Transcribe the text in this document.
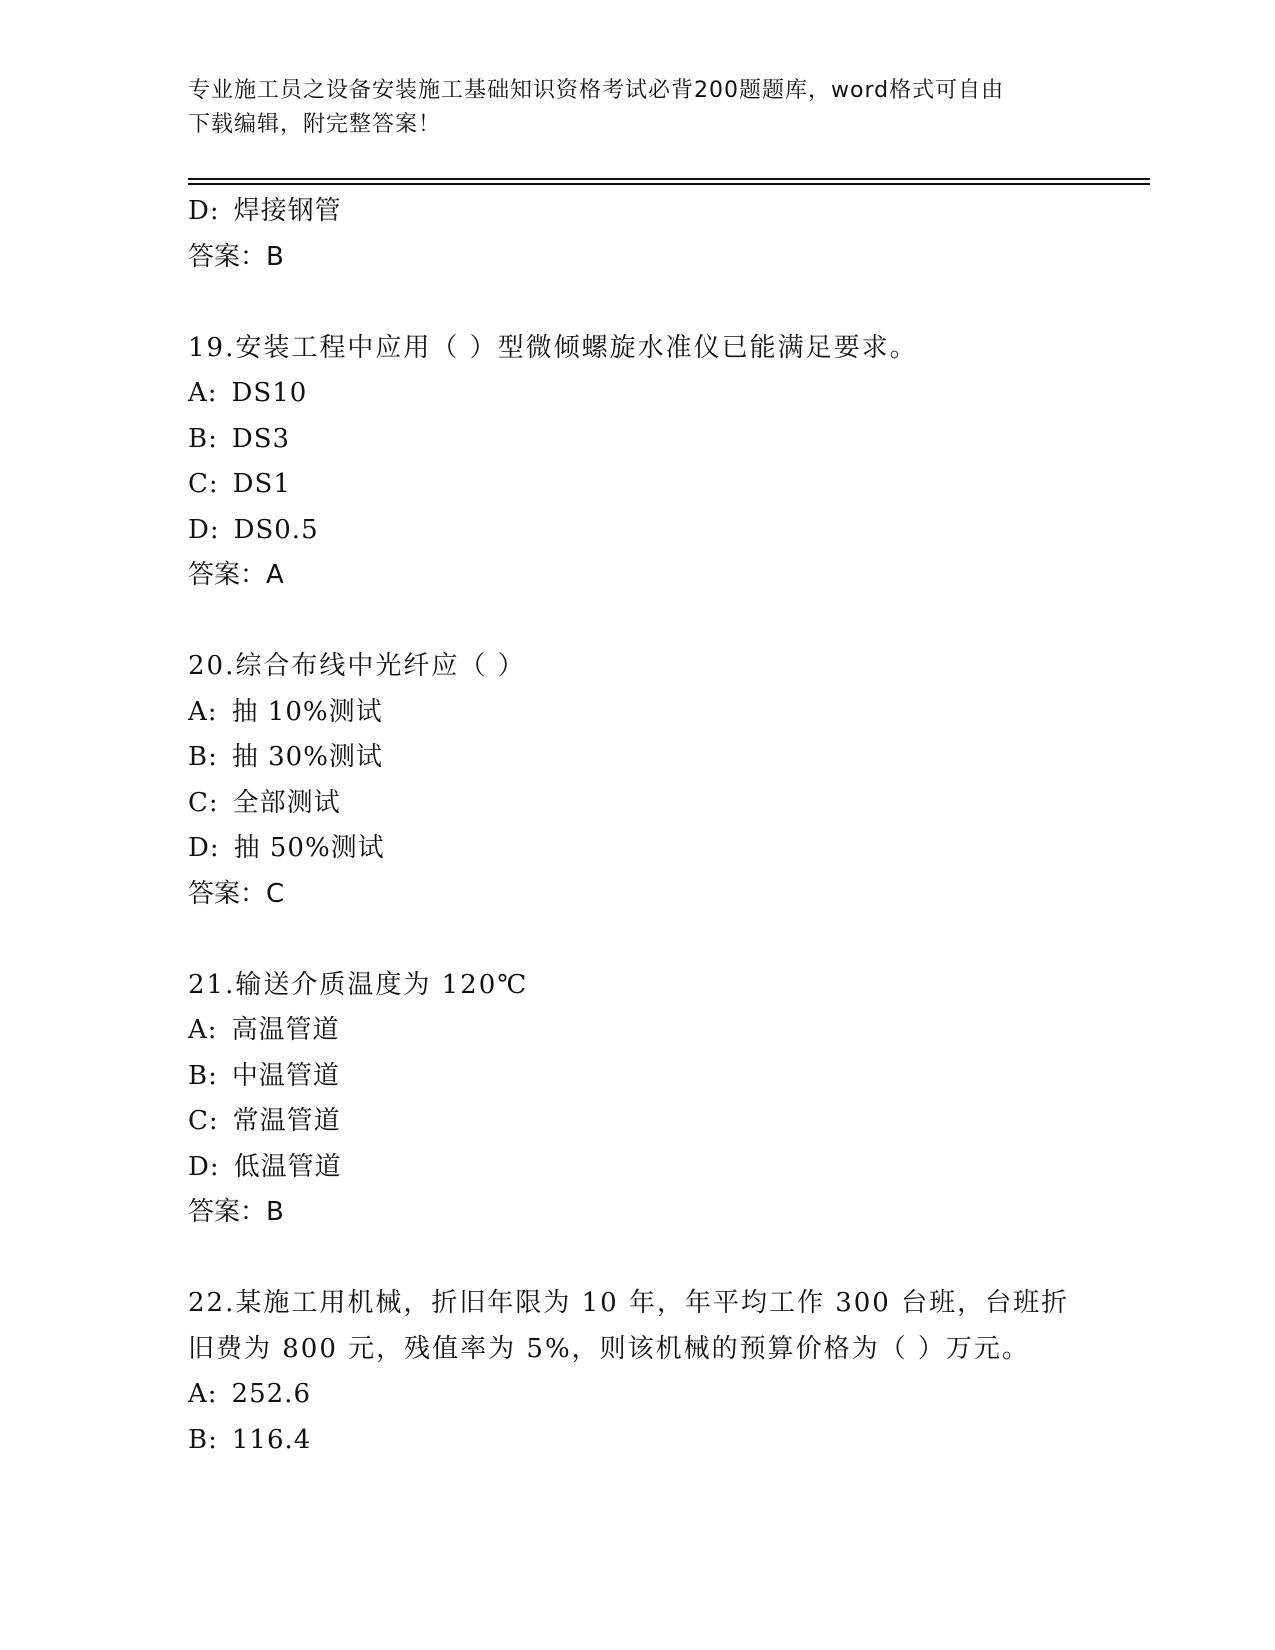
专业施工员之设备安装施工基础知识资格考试必背200题题库，word格式可自由
下载编辑，附完整答案！
D: 焊接钢管
答案：B
19.安装工程中应用（ ）型微倾螺旋水准仪已能满足要求。
A: DS10
B: DS3
C: DS1
D: DS0.5
答案：A
20.综合布线中光纤应（ ）
A: 抽 10%测试
B: 抽 30%测试
C: 全部测试
D: 抽 50%测试
答案：C
21.输送介质温度为 120℃
A: 高温管道
B: 中温管道
C: 常温管道
D: 低温管道
答案：B
22.某施工用机械，折旧年限为 10 年，年平均工作 300 台班，台班折
旧费为 800 元，残值率为 5%，则该机械的预算价格为（ ）万元。
A: 252.6
B: 116.4
